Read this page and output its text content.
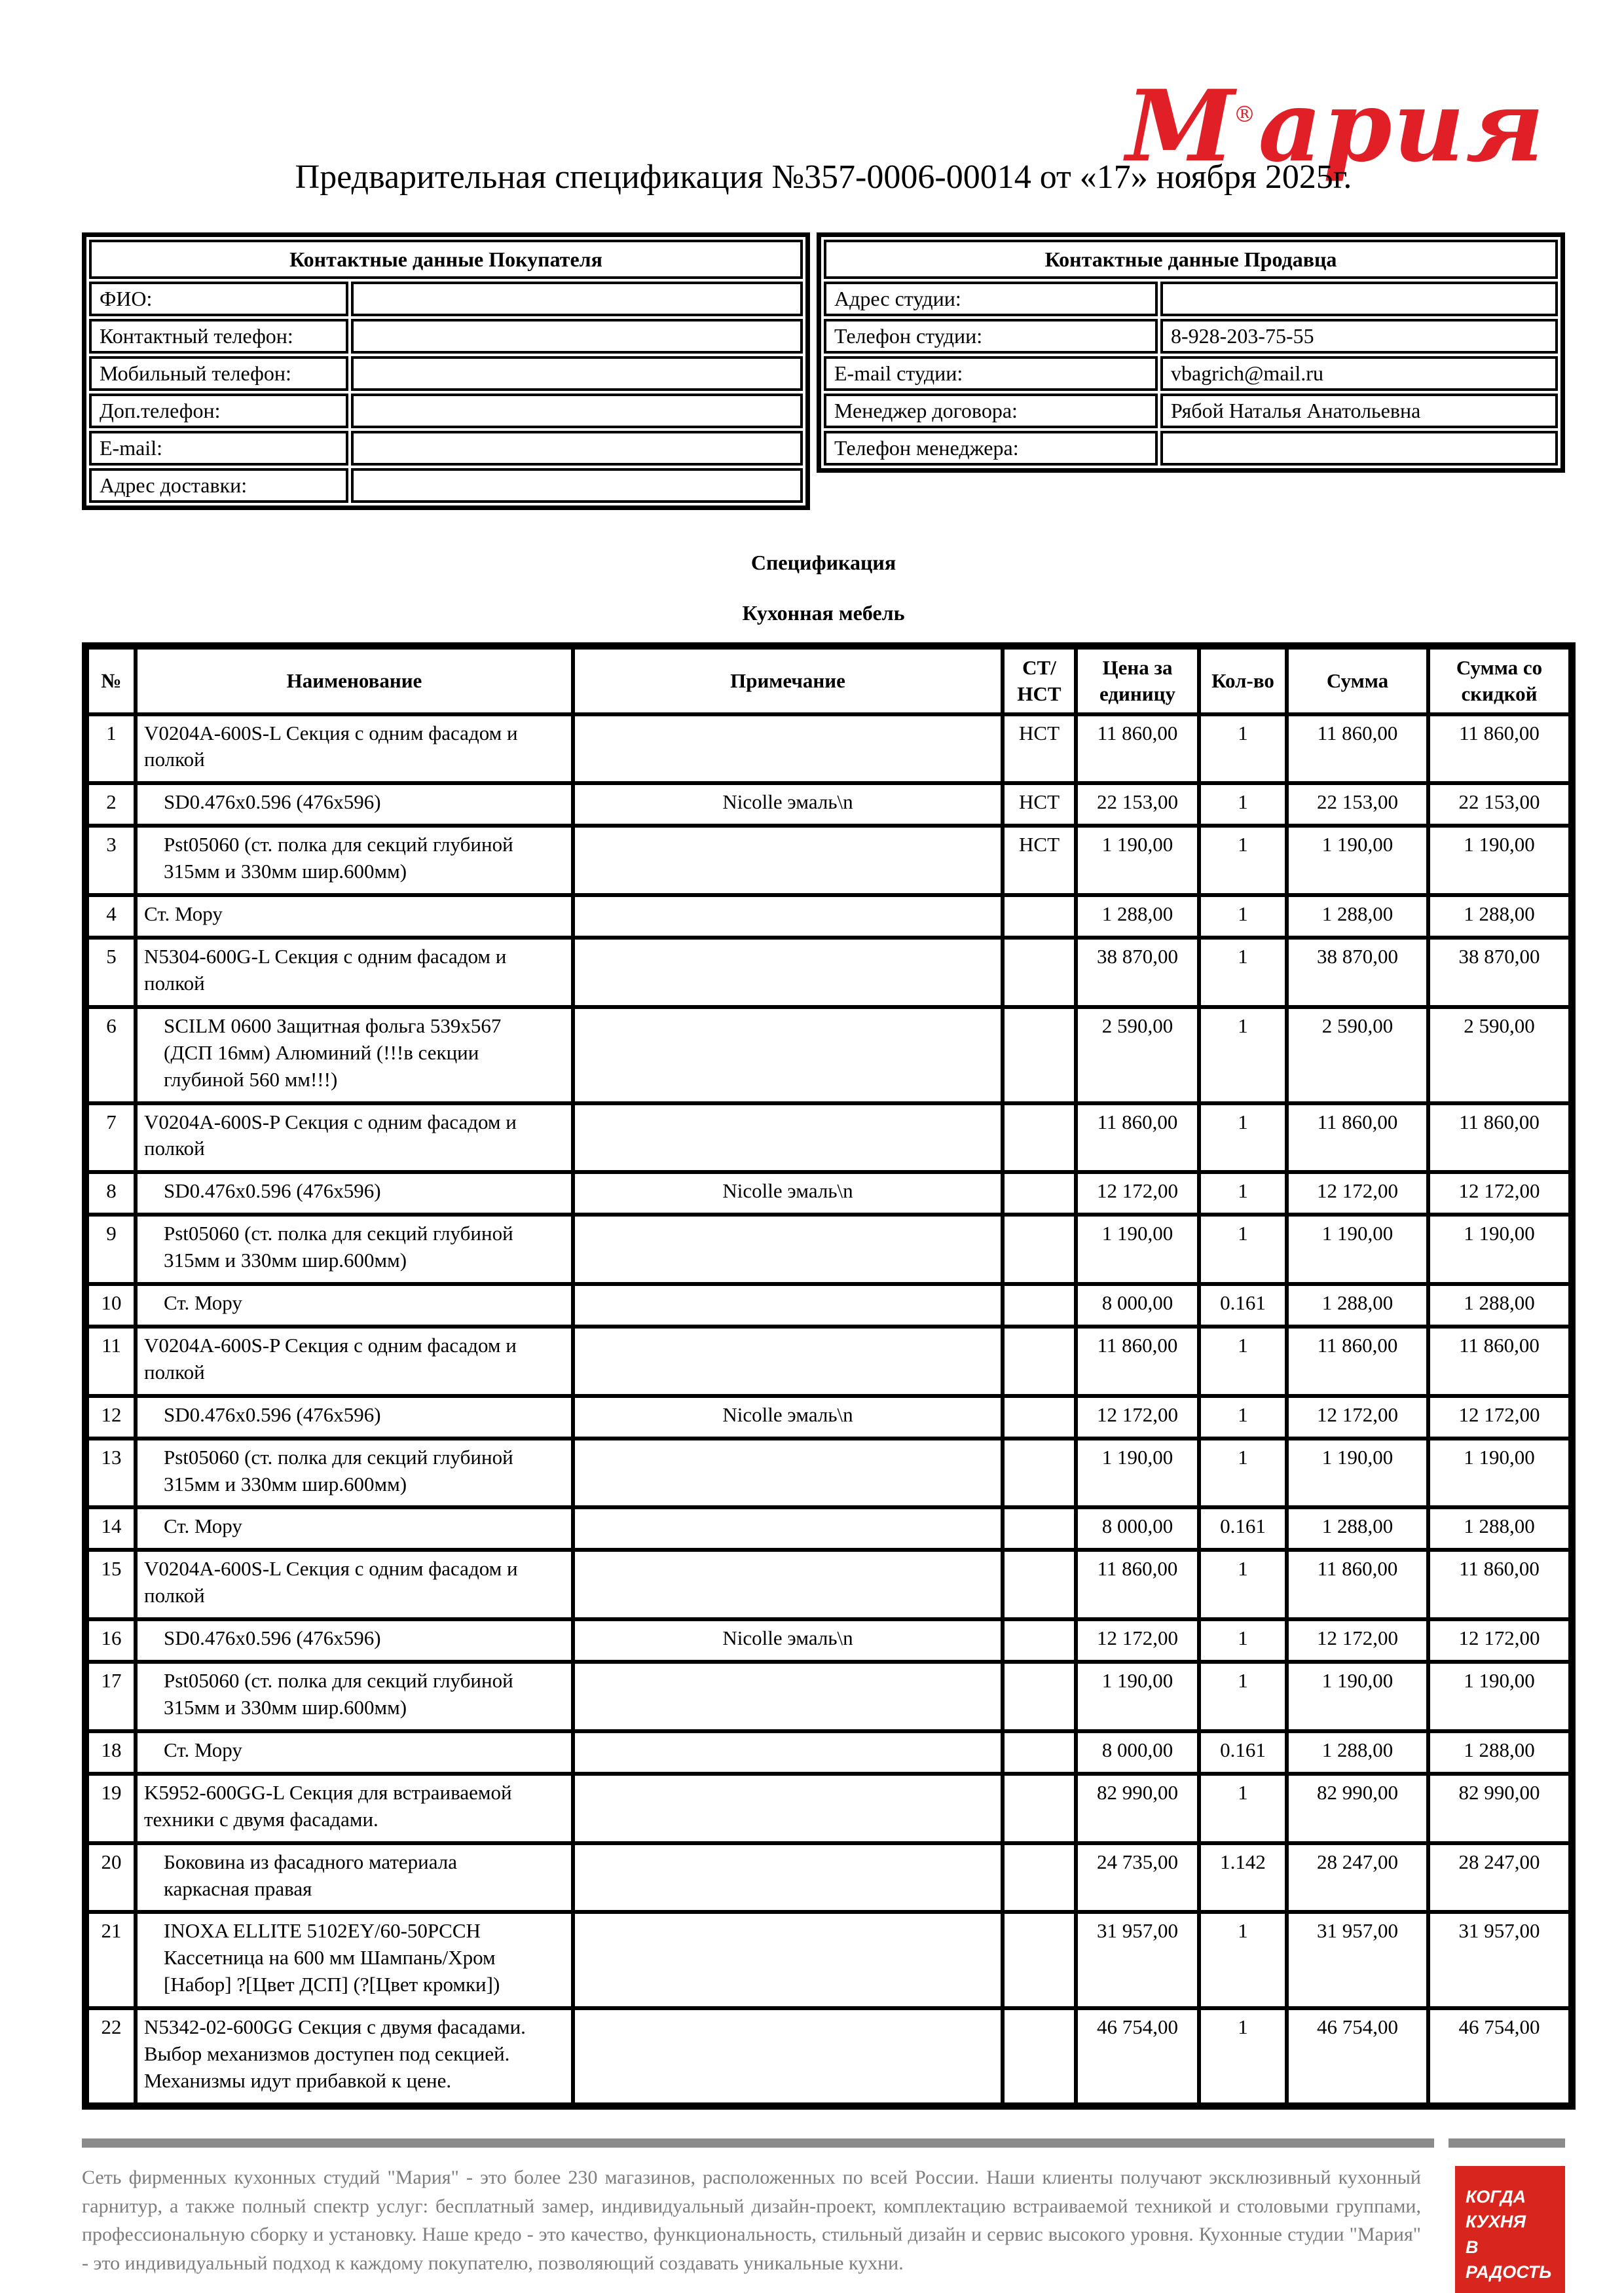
М®ария
Предварительная спецификация №357-0006-00014 от «17» ноября 2025г.
Контактные данные Покупателя	
ФИО:	
Контактный телефон:	
Мобильный телефон:	
Доп.телефон:	
E-mail:	
Адрес доставки:	
Контактные данные Продавца	
Адрес студии:	
Телефон студии:	8-928-203-75-55
E-mail студии:	vbagrich@mail.ru
Менеджер договора:	Рябой Наталья Анатольевна
Телефон менеджера:	
Спецификация
Кухонная мебель
№	Наименование	Примечание	СТ/НСТ	Цена за единицу	Кол-во	Сумма	Сумма со скидкой
1	V0204A-600S-L Секция с одним фасадом и полкой		НСТ	11 860,00	1	11 860,00	11 860,00
2	SD0.476x0.596 (476x596)	Nicolle эмаль\n	НСТ	22 153,00	1	22 153,00	22 153,00
3	Pst05060 (ст. полка для секций глубиной 315мм и 330мм шир.600мм)		НСТ	1 190,00	1	1 190,00	1 190,00
4	Ст. Мору			1 288,00	1	1 288,00	1 288,00
5	N5304-600G-L Секция с одним фасадом и полкой			38 870,00	1	38 870,00	38 870,00
6	SCILM 0600 Защитная фольга 539x567 (ДСП 16мм) Алюминий (!!!в секции глубиной 560 мм!!!)			2 590,00	1	2 590,00	2 590,00
7	V0204A-600S-P Секция с одним фасадом и полкой			11 860,00	1	11 860,00	11 860,00
8	SD0.476x0.596 (476x596)	Nicolle эмаль\n		12 172,00	1	12 172,00	12 172,00
9	Pst05060 (ст. полка для секций глубиной 315мм и 330мм шир.600мм)			1 190,00	1	1 190,00	1 190,00
10	Ст. Мору			8 000,00	0.161	1 288,00	1 288,00
11	V0204A-600S-P Секция с одним фасадом и полкой			11 860,00	1	11 860,00	11 860,00
12	SD0.476x0.596 (476x596)	Nicolle эмаль\n		12 172,00	1	12 172,00	12 172,00
13	Pst05060 (ст. полка для секций глубиной 315мм и 330мм шир.600мм)			1 190,00	1	1 190,00	1 190,00
14	Ст. Мору			8 000,00	0.161	1 288,00	1 288,00
15	V0204A-600S-L Секция с одним фасадом и полкой			11 860,00	1	11 860,00	11 860,00
16	SD0.476x0.596 (476x596)	Nicolle эмаль\n		12 172,00	1	12 172,00	12 172,00
17	Pst05060 (ст. полка для секций глубиной 315мм и 330мм шир.600мм)			1 190,00	1	1 190,00	1 190,00
18	Ст. Мору			8 000,00	0.161	1 288,00	1 288,00
19	K5952-600GG-L Секция для встраиваемой техники с двумя фасадами.			82 990,00	1	82 990,00	82 990,00
20	Боковина из фасадного материала каркасная правая			24 735,00	1.142	28 247,00	28 247,00
21	INOXA ELLITE 5102EY/60-50PCCH Кассетница на 600 мм Шампань/Хром [Набор] ?[Цвет ДСП] (?[Цвет кромки])			31 957,00	1	31 957,00	31 957,00
22	N5342-02-600GG Секция с двумя фасадами. Выбор механизмов доступен под секцией. Механизмы идут прибавкой к цене.			46 754,00	1	46 754,00	46 754,00
Сеть фирменных кухонных студий "Мария" - это более 230 магазинов, расположенных по всей России. Наши клиенты получают эксклюзивный кухонный гарнитур, а также полный спектр услуг: бесплатный замер, индивидуальный дизайн-проект, комплектацию встраиваемой техникой и столовыми группами, профессиональную сборку и установку. Наше кредо - это качество, функциональность, стильный дизайн и сервис высокого уровня. Кухонные студии "Мария" - это индивидуальный подход к каждому покупателю, позволяющий создавать уникальные кухни.
КОГДА
КУХНЯ
В РАДОСТЬ
